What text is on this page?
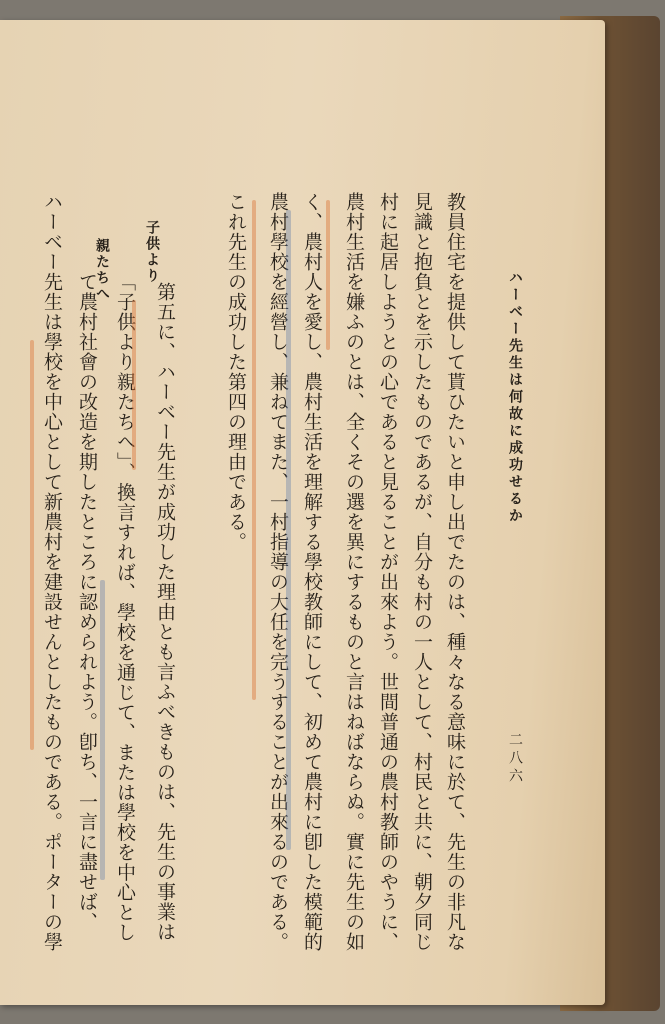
ハーベー先生は何故に成功せるか
二八六
教員住宅を提供して貰ひたいと申し出でたのは、種々なる意味に於て、先生の非凡な
見識と抱負とを示したものであるが、自分も村の一人として、村民と共に、朝夕同じ
村に起居しようとの心であると見ることが出來よう。世間普通の農村教師のやうに、
農村生活を嫌ふのとは、全くその選を異にするものと言はねばならぬ。實に先生の如
く、農村人を愛し、農村生活を理解する學校教師にして、初めて農村に卽した模範的
農村學校を經營し、兼ねてまた、一村指導の大任を完うすることが出來るのである。
これ先生の成功した第四の理由である。
子供より
親たちへ
第五に、ハーベー先生が成功した理由とも言ふべきものは、先生の事業は
「子供より親たちへ」、換言すれば、學校を通じて、または學校を中心とし
て農村社會の改造を期したところに認められよう。卽ち、一言に盡せば、
ハーベー先生は學校を中心として新農村を建設せんとしたものである。ポーターの學
